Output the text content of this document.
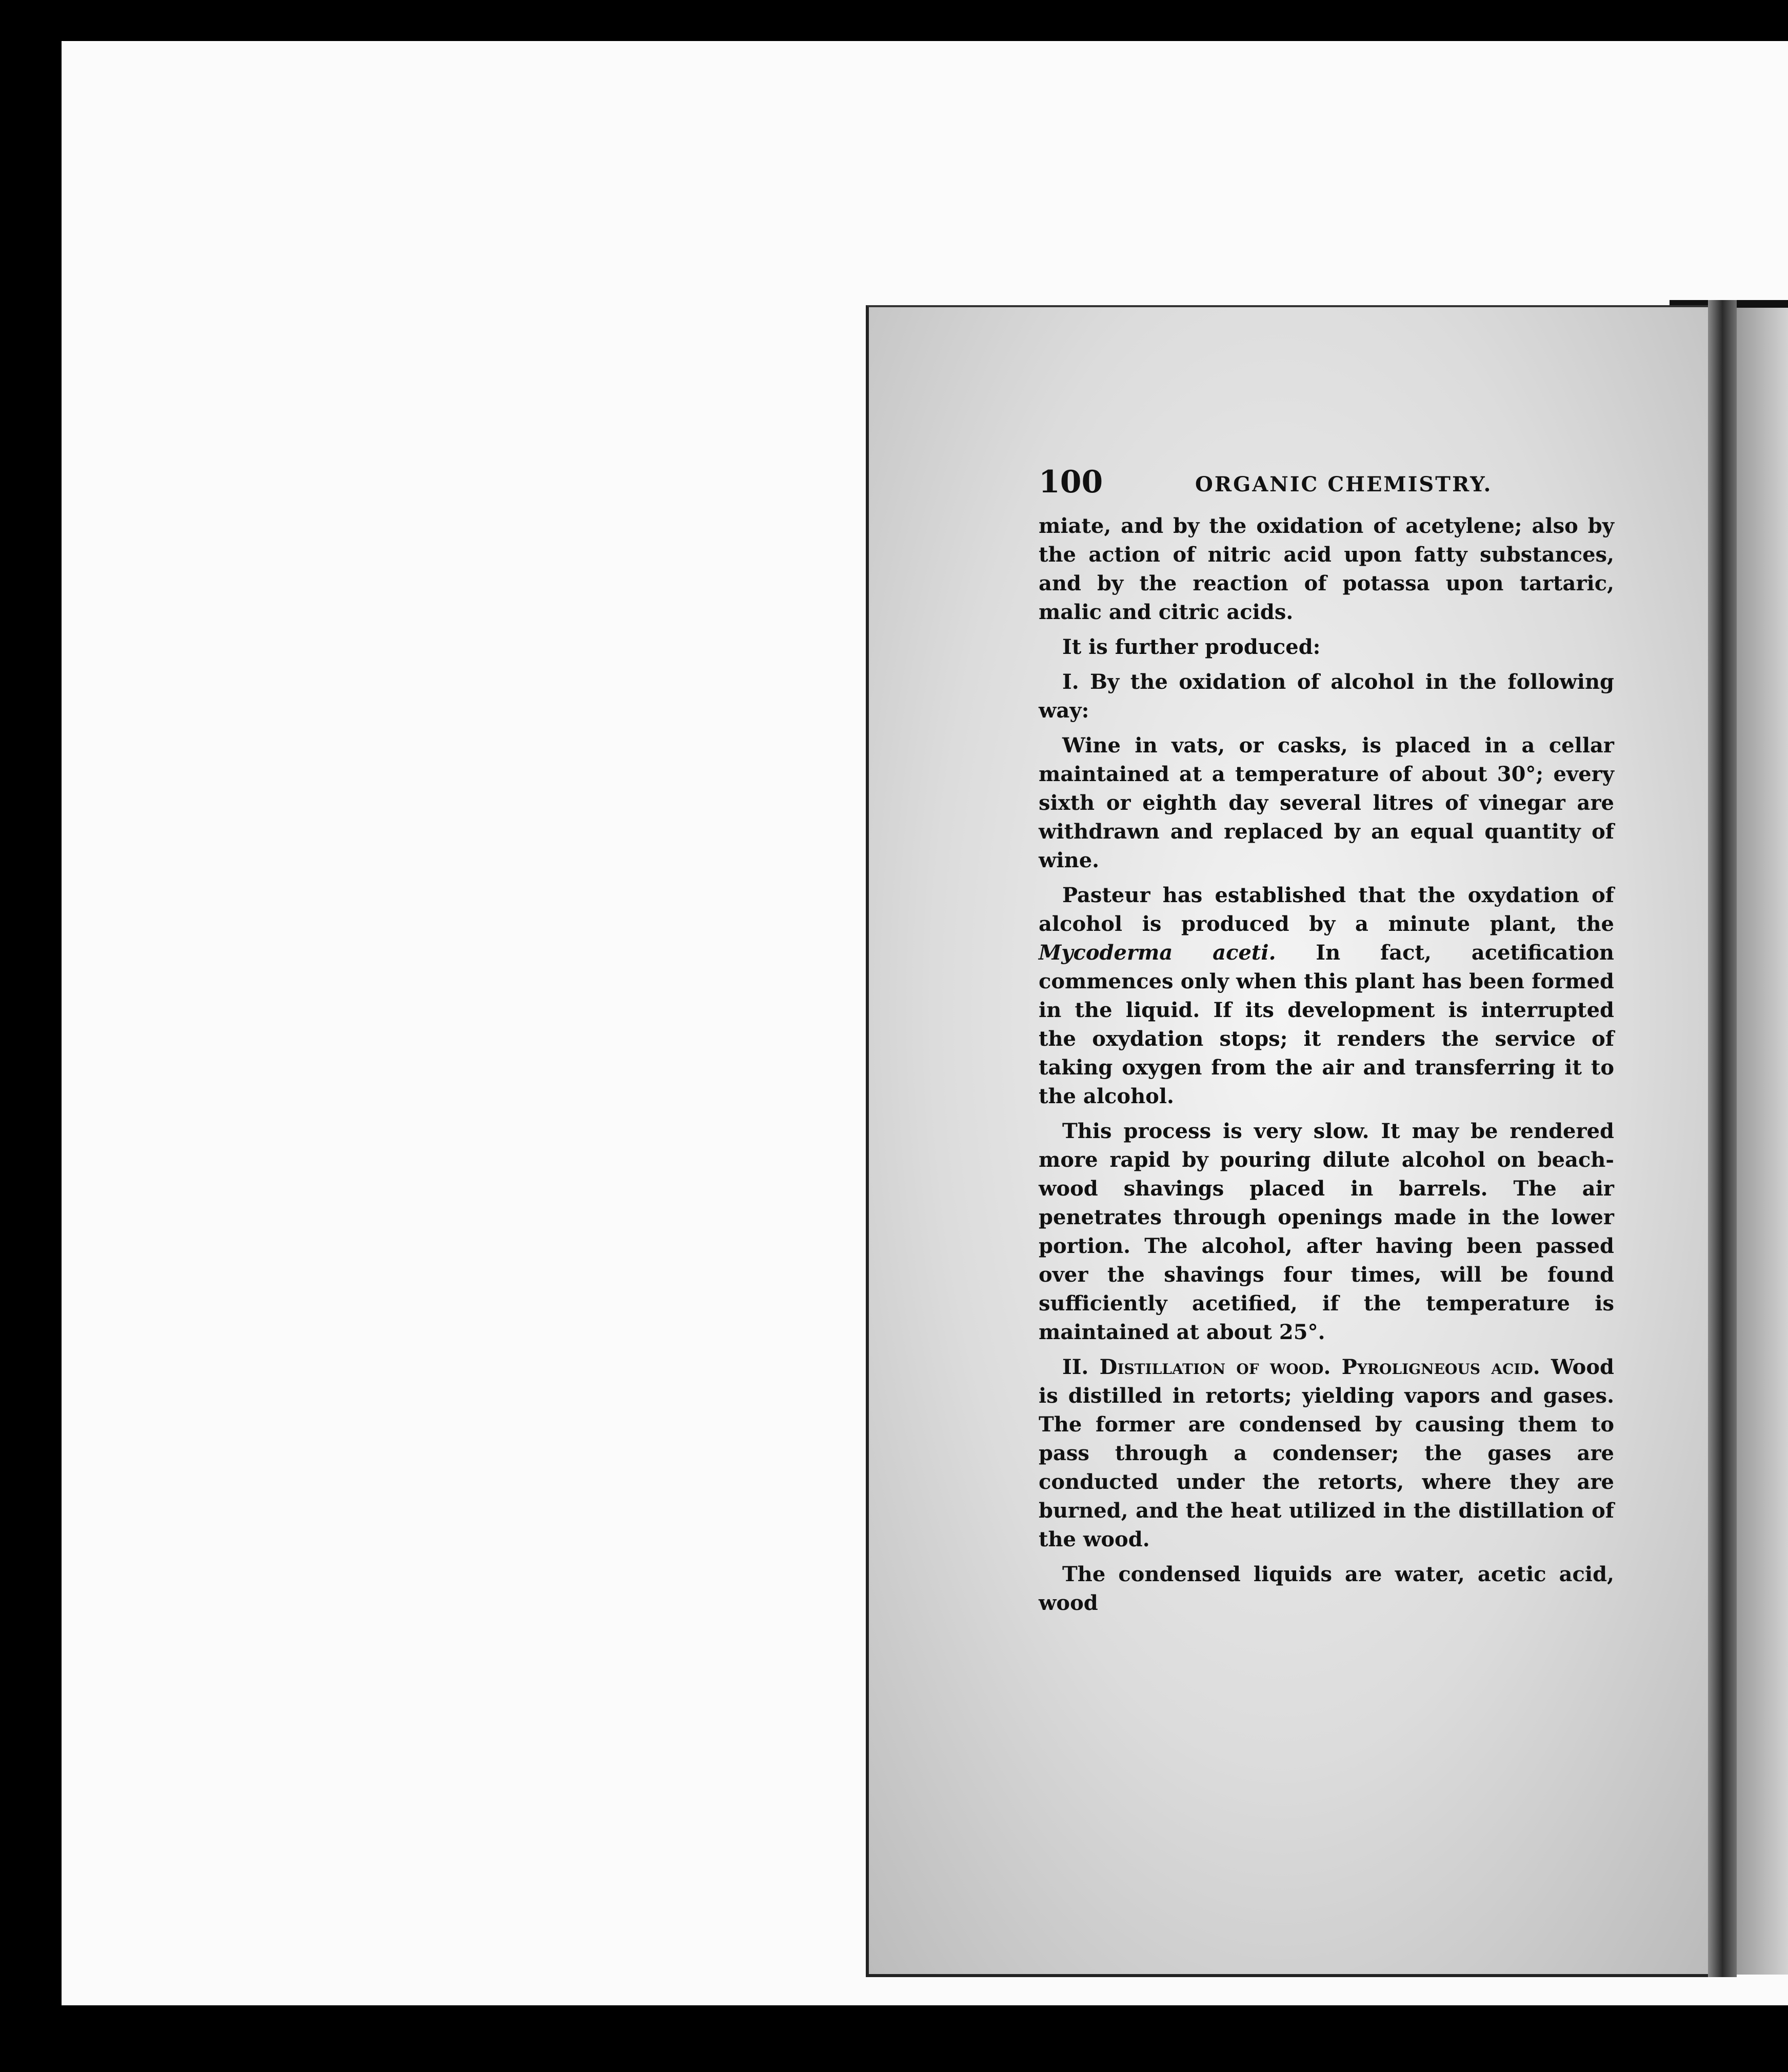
100	ORGANIC CHEMISTRY.

miate, and by the oxidation of acetylene; also by the action of nitric acid upon fatty substances, and by the reaction of potassa upon tartaric, malic and citric acids.

It is further produced:

I. By the oxidation of alcohol in the following way:

Wine in vats, or casks, is placed in a cellar maintained at a temperature of about 30°; every sixth or eighth day several litres of vinegar are withdrawn and replaced by an equal quantity of wine.

Pasteur has established that the oxydation of alcohol is produced by a minute plant, the Mycoderma aceti. In fact, acetification commences only when this plant has been formed in the liquid. If its development is interrupted the oxydation stops; it renders the service of taking oxygen from the air and transferring it to the alcohol.

This process is very slow. It may be rendered more rapid by pouring dilute alcohol on beach-wood shavings placed in barrels. The air penetrates through openings made in the lower portion. The alcohol, after having been passed over the shavings four times, will be found sufficiently acetified, if the temperature is maintained at about 25°.

II. Distillation of wood. Pyroligneous acid. Wood is distilled in retorts; yielding vapors and gases. The former are condensed by causing them to pass through a condenser; the gases are conducted under the retorts, where they are burned, and the heat utilized in the distillation of the wood.

The condensed liquids are water, acetic acid, wood
